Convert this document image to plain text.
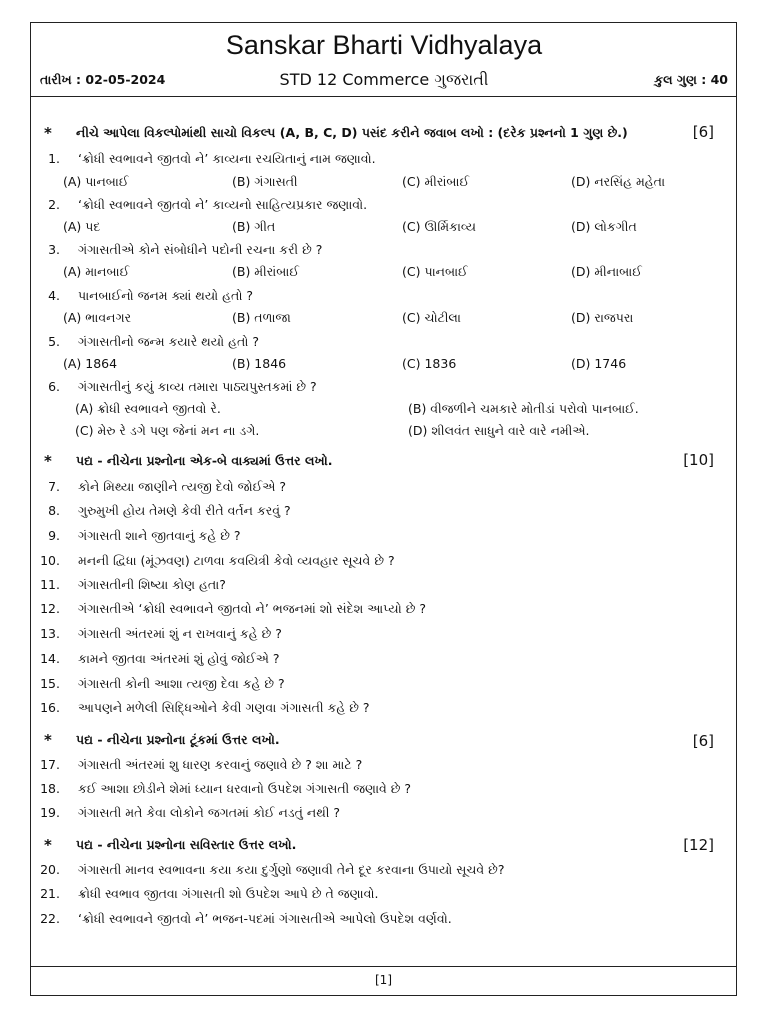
Sanskar Bharti Vidhyalaya
તારીખ : 02-05-2024	STD 12 Commerce ગુજરાતી	કુલ ગુણ : 40
* નીચે આપેલા વિકલ્પોમાંથી સાચો વિકલ્પ (A, B, C, D) પસંદ કરીને જવાબ લખો : (દરેક પ્રશ્નનો 1 ગુણ છે.)	[6]
1. ‘ક્રોધી સ્વભાવને જીતવો ને’ કાવ્યના રચયિતાનું નામ જણાવો.
(A) પાનબાઈ	(B) ગંગાસતી	(C) મીરાંબાઈ	(D) નરસિંહ મહેતા
2. ‘ક્રોધી સ્વભાવને જીતવો ને’ કાવ્યનો સાહિત્યપ્રકાર જણાવો.
(A) પદ	(B) ગીત	(C) ઊર્મિકાવ્ય	(D) લોકગીત
3. ગંગાસતીએ કોને સંબોધીને પદોની રચના કરી છે ?
(A) માનબાઈ	(B) મીરાંબાઈ	(C) પાનબાઈ	(D) મીનાબાઈ
4. પાનબાઈનો જનમ ક્યાં થયો હતો ?
(A) ભાવનગર	(B) તળાજા	(C) ચોટીલા	(D) રાજપરા
5. ગંગાસતીનો જન્મ કયારે થયો હતો ?
(A) 1864	(B) 1846	(C) 1836	(D) 1746
6. ગંગાસતીનું કયું કાવ્ય તમારા પાઠ્યપુસ્તકમાં છે ?
(A) ક્રોધી સ્વભાવને જીતવો રે.	(B) વીજળીને ચમકારે મોતીડાં પરોવો પાનબાઈ.
(C) મેરુ રે ડગે પણ જેનાં મન ના ડગે.	(D) શીલવંત સાધુને વારે વારે નમીએ.
* પદ્ય - નીચેના પ્રશ્નોના એક-બે વાક્યમાં ઉત્તર લખો.	[10]
7. કોને મિથ્યા જાણીને ત્યજી દેવો જોઈએ ?
8. ગુરુમુખી હોય તેમણે કેવી રીતે વર્તન કરવું ?
9. ગંગાસતી શાને જીતવાનું કહે છે ?
10. મનની દ્વિધા (મૂંઝવણ) ટાળવા કવયિત્રી કેવો વ્યવહાર સૂચવે છે ?
11. ગંગાસતીની શિષ્યા કોણ હતા?
12. ગંગાસતીએ ‘ક્રોધી સ્વભાવને જીતવો ને’ ભજનમાં શો સંદેશ આપ્યો છે ?
13. ગંગાસતી અંતરમાં શું ન રાખવાનું કહે છે ?
14. કામને જીતવા અંતરમાં શું હોવું જોઈએ ?
15. ગંગાસતી કોની આશા ત્યજી દેવા કહે છે ?
16. આપણને મળેલી સિદ્ધિઓને કેવી ગણવા ગંગાસતી કહે છે ?
* પદ્ય - નીચેના પ્રશ્નોના ટૂંકમાં ઉત્તર લખો.	[6]
17. ગંગાસતી અંતરમાં શુ ધારણ કરવાનું જણાવે છે ? શા માટે ?
18. કઈ આશા છોડીને શેમાં ધ્યાન ધરવાનો ઉપદેશ ગંગાસતી જણાવે છે ?
19. ગંગાસતી મતે કેવા લોકોને જગતમાં કોઈ નડતું નથી ?
* પદ્ય - નીચેના પ્રશ્નોના સવિસ્તાર ઉત્તર લખો.	[12]
20. ગંગાસતી માનવ સ્વભાવના કયા કયા દુર્ગુણો જણાવી તેને દૂર કરવાના ઉપાયો સૂચવે છે?
21. ક્રોધી સ્વભાવ જીતવા ગંગાસતી શો ઉપદેશ આપે છે તે જણાવો.
22. ‘ક્રોધી સ્વભાવને જીતવો ને’ ભજન-પદમાં ગંગાસતીએ આપેલો ઉપદેશ વર્ણવો.
[1]
